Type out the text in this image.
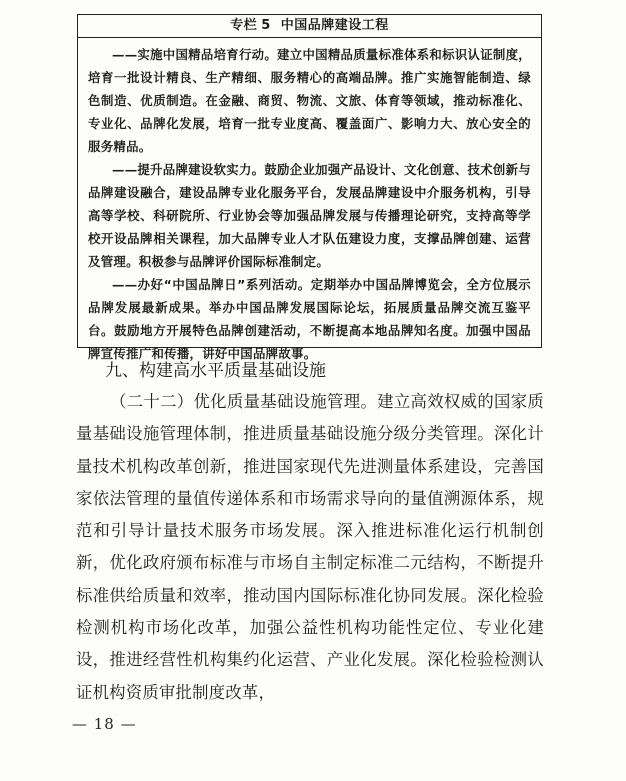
专栏 5 中国品牌建设工程

——实施中国精品培育行动。建立中国精品质量标准体系和标识认证制度，培育一批设计精良、生产精细、服务精心的高端品牌。推广实施智能制造、绿色制造、优质制造。在金融、商贸、物流、文旅、体育等领域，推动标准化、专业化、品牌化发展，培育一批专业度高、覆盖面广、影响力大、放心安全的服务精品。

——提升品牌建设软实力。鼓励企业加强产品设计、文化创意、技术创新与品牌建设融合，建设品牌专业化服务平台，发展品牌建设中介服务机构，引导高等学校、科研院所、行业协会等加强品牌发展与传播理论研究，支持高等学校开设品牌相关课程，加大品牌专业人才队伍建设力度，支撑品牌创建、运营及管理。积极参与品牌评价国际标准制定。

——办好“中国品牌日”系列活动。定期举办中国品牌博览会，全方位展示品牌发展最新成果。举办中国品牌发展国际论坛，拓展质量品牌交流互鉴平台。鼓励地方开展特色品牌创建活动，不断提高本地品牌知名度。加强中国品牌宣传推广和传播，讲好中国品牌故事。

九、构建高水平质量基础设施

（二十二）优化质量基础设施管理。建立高效权威的国家质量基础设施管理体制，推进质量基础设施分级分类管理。深化计量技术机构改革创新，推进国家现代先进测量体系建设，完善国家依法管理的量值传递体系和市场需求导向的量值溯源体系，规范和引导计量技术服务市场发展。深入推进标准化运行机制创新，优化政府颁布标准与市场自主制定标准二元结构，不断提升标准供给质量和效率，推动国内国际标准化协同发展。深化检验检测机构市场化改革，加强公益性机构功能性定位、专业化建设，推进经营性机构集约化运营、产业化发展。深化检验检测认证机构资质审批制度改革，

— 18 —
